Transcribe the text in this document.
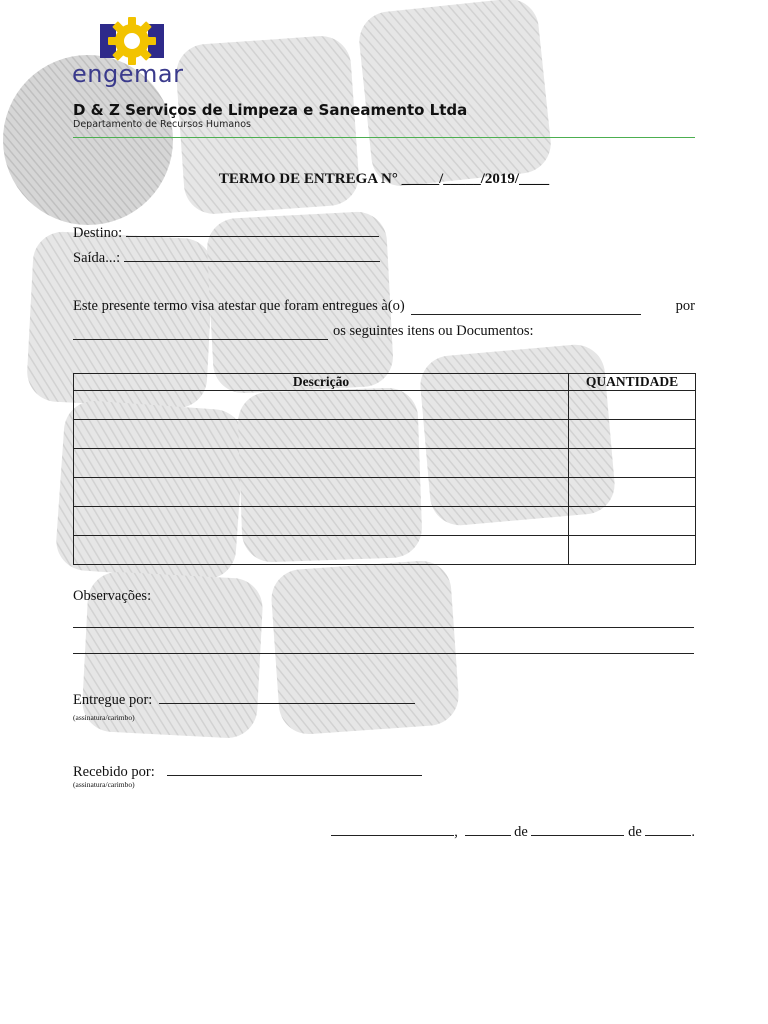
engemar
D & Z Serviços de Limpeza e Saneamento Ltda
Departamento de Recursos Humanos
TERMO DE ENTREGA N° _____/_____/2019/____
Destino:
Saída...:
Este presente termo visa atestar que foram entregues à(o)	por
os seguintes itens ou Documentos:
Descrição	QUANTIDADE

Observações:
Entregue por:
(assinatura/carimbo)
Recebido por:
(assinatura/carimbo)
,	de	de	.
